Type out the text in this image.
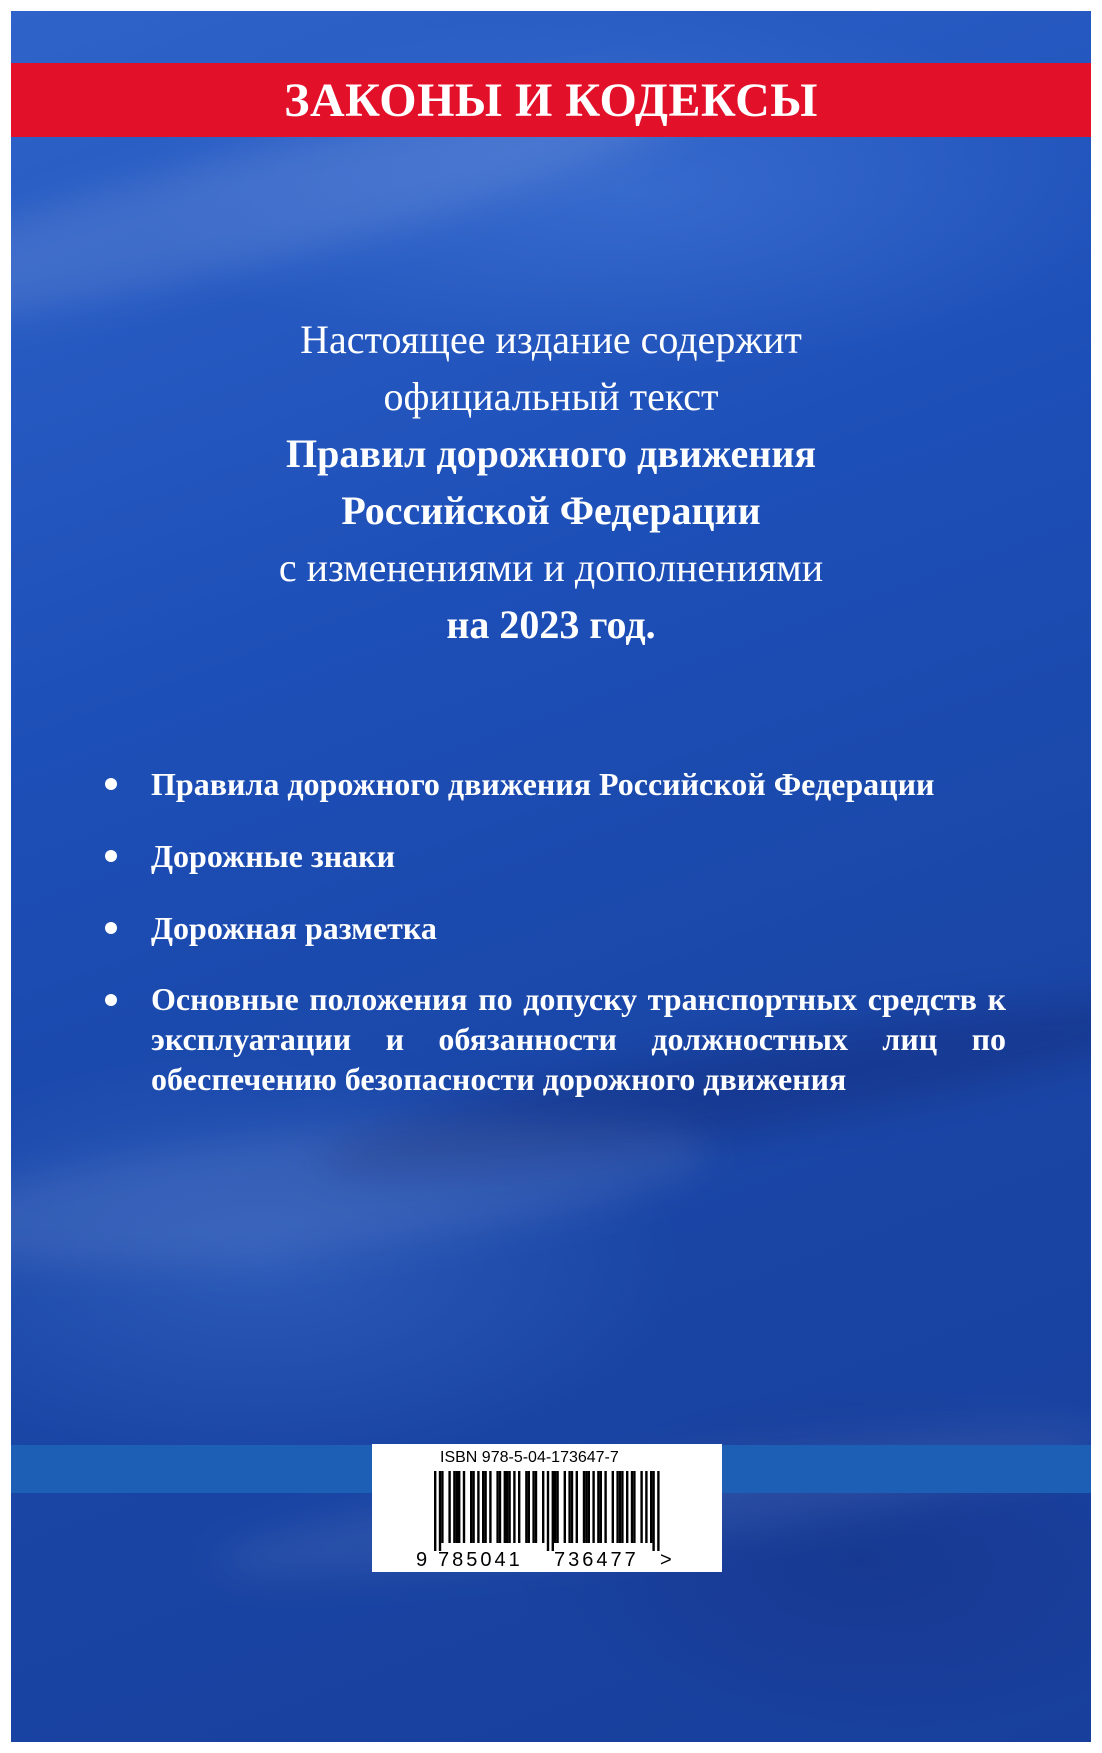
ЗАКОНЫ И КОДЕКСЫ
Настоящее издание содержит
официальный текст
Правил дорожного движения
Российской Федерации
с изменениями и дополнениями
на 2023 год.
Правила дорожного движения Российской Федерации
Дорожные знаки
Дорожная разметка
Основные положения по допуску транспортных средств к эксплуатации и обязанности должностных лиц по обеспечению безопасности дорожного движения
ISBN 978-5-04-173647-7
9 785041 736477 >
